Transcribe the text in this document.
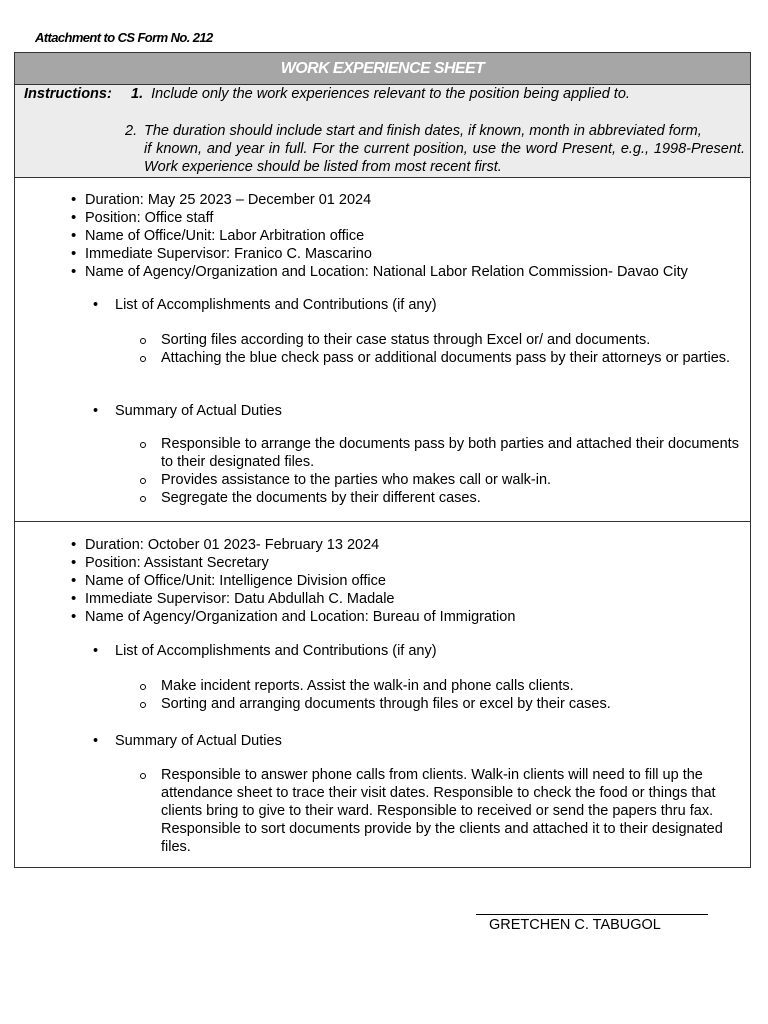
Attachment to CS Form No. 212
WORK EXPERIENCE SHEET
Instructions: 1. Include only the work experiences relevant to the position being applied to.
2. The duration should include start and finish dates, if known, month in abbreviated form,
if known, and year in full. For the current position, use the word Present, e.g., 1998-Present. Work experience should be listed from most recent first.
• Duration: May 25 2023 – December 01 2024
• Position: Office staff
• Name of Office/Unit: Labor Arbitration office
• Immediate Supervisor: Franico C. Mascarino
• Name of Agency/Organization and Location: National Labor Relation Commission- Davao City
• List of Accomplishments and Contributions (if any)
Sorting files according to their case status through Excel or/ and documents.
Attaching the blue check pass or additional documents pass by their attorneys or parties.
• Summary of Actual Duties
Responsible to arrange the documents pass by both parties and attached their documents to their designated files.
Provides assistance to the parties who makes call or walk-in.
Segregate the documents by their different cases.
• Duration: October 01 2023- February 13 2024
• Position: Assistant Secretary
• Name of Office/Unit: Intelligence Division office
• Immediate Supervisor: Datu Abdullah C. Madale
• Name of Agency/Organization and Location: Bureau of Immigration
• List of Accomplishments and Contributions (if any)
Make incident reports. Assist the walk-in and phone calls clients.
Sorting and arranging documents through files or excel by their cases.
• Summary of Actual Duties
Responsible to answer phone calls from clients. Walk-in clients will need to fill up the attendance sheet to trace their visit dates. Responsible to check the food or things that clients bring to give to their ward. Responsible to received or send the papers thru fax. Responsible to sort documents provide by the clients and attached it to their designated files.
GRETCHEN C. TABUGOL
